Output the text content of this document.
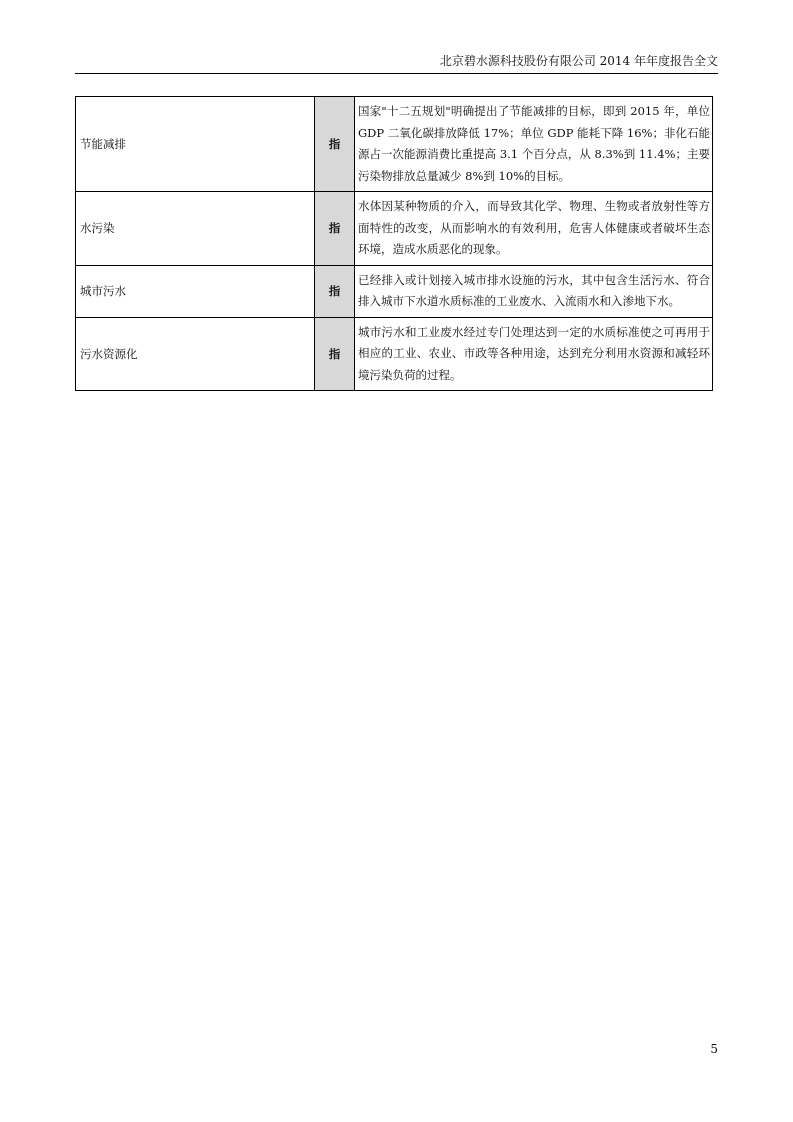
北京碧水源科技股份有限公司 2014 年年度报告全文
节能减排	指	国家"十二五规划"明确提出了节能减排的目标，即到 2015 年，单位 GDP 二氧化碳排放降低 17%；单位 GDP 能耗下降 16%；非化石能源占一次能源消费比重提高 3.1 个百分点，从 8.3%到 11.4%；主要污染物排放总量减少 8%到 10%的目标。
水污染	指	水体因某种物质的介入，而导致其化学、物理、生物或者放射性等方面特性的改变，从而影响水的有效利用，危害人体健康或者破坏生态环境，造成水质恶化的现象。
城市污水	指	已经排入或计划接入城市排水设施的污水，其中包含生活污水、符合排入城市下水道水质标准的工业废水、入流雨水和入渗地下水。
污水资源化	指	城市污水和工业废水经过专门处理达到一定的水质标准使之可再用于相应的工业、农业、市政等各种用途，达到充分利用水资源和减轻环境污染负荷的过程。
5
